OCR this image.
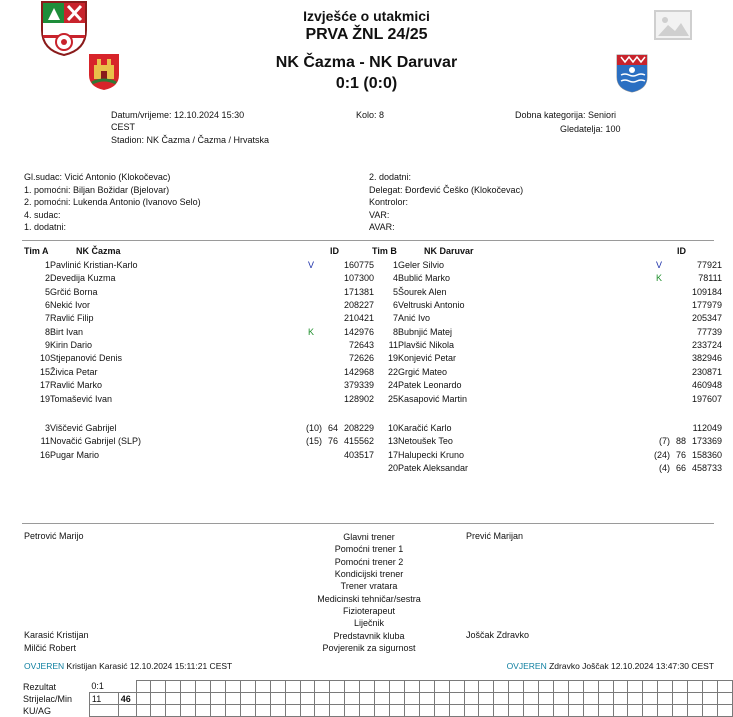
Izvješće o utakmici
PRVA ŽNL 24/25
NK Čazma - NK Daruvar
0:1 (0:0)
Datum/vrijeme: 12.10.2024 15:30
CEST
Stadion: NK Čazma / Čazma / Hrvatska
Kolo: 8	Dobna kategorija: Seniori
Gledatelja: 100
Gl.sudac: Vicić Antonio (Klokočevac)
1. pomoćni: Biljan Božidar (Bjelovar)
2. pomoćni: Lukenda Antonio (Ivanovo Selo)
4. sudac:
1. dodatni:
2. dodatni:
Delegat: Đorđević Češko (Klokočevac)
Kontrolor:
VAR:
AVAR:
Tim A	NK Čazma	ID	Tim B	NK Daruvar	ID
1 Pavlinić Kristian-Karlo	V	160775
2 Devedija Kuzma	107300
5 Grčić Borna	171381
6 Nekić Ivor	208227
7 Ravlić Filip	210421
8 Birt Ivan	K	142976
9 Kirin Dario	72643
10 Stjepanović Denis	72626
15 Živica Petar	142968
17 Ravlić Marko	379339
19 Tomašević Ivan	128902
3 Viščević Gabrijel	(10) 64 208229
11 Novačić Gabrijel (SLP)	(15) 76 415562
16 Pugar Mario	403517
1 Geler Silvio	V	77921
4 Bublić Marko	K	78111
5 Šourek Alen	109184
6 Veltruski Antonio	177979
7 Anić Ivo	205347
8 Bubnjić Matej	77739
11 Plavšić Nikola	233724
19 Konjević Petar	382946
22 Grgić Mateo	230871
24 Patek Leonardo	460948
25 Kasapović Martin	197607
10 Karačić Karlo	112049
13 Netoušek Teo	(7) 88 173369
17 Halupecki Kruno	(24) 76 158360
20 Patek Aleksandar	(4) 66 458733
Petrović Marijo	Prević Marijan
Glavni trener
Pomoćni trener 1
Pomoćni trener 2
Kondicijski trener
Trener vratara
Medicinski tehničar/sestra
Fizioterapeut
Liječnik
Predstavnik kluba
Povjerenik za sigurnost
Karasić Kristijan	Joščak Zdravko
Milčić Robert
OVJEREN Kristijan Karasić 12.10.2024 15:11:21 CEST	OVJEREN Zdravko Joščak 12.10.2024 13:47:30 CEST
Rezultat	0:1																																									
Strijelac/Min	11	46																																								
KU/AG																																										
